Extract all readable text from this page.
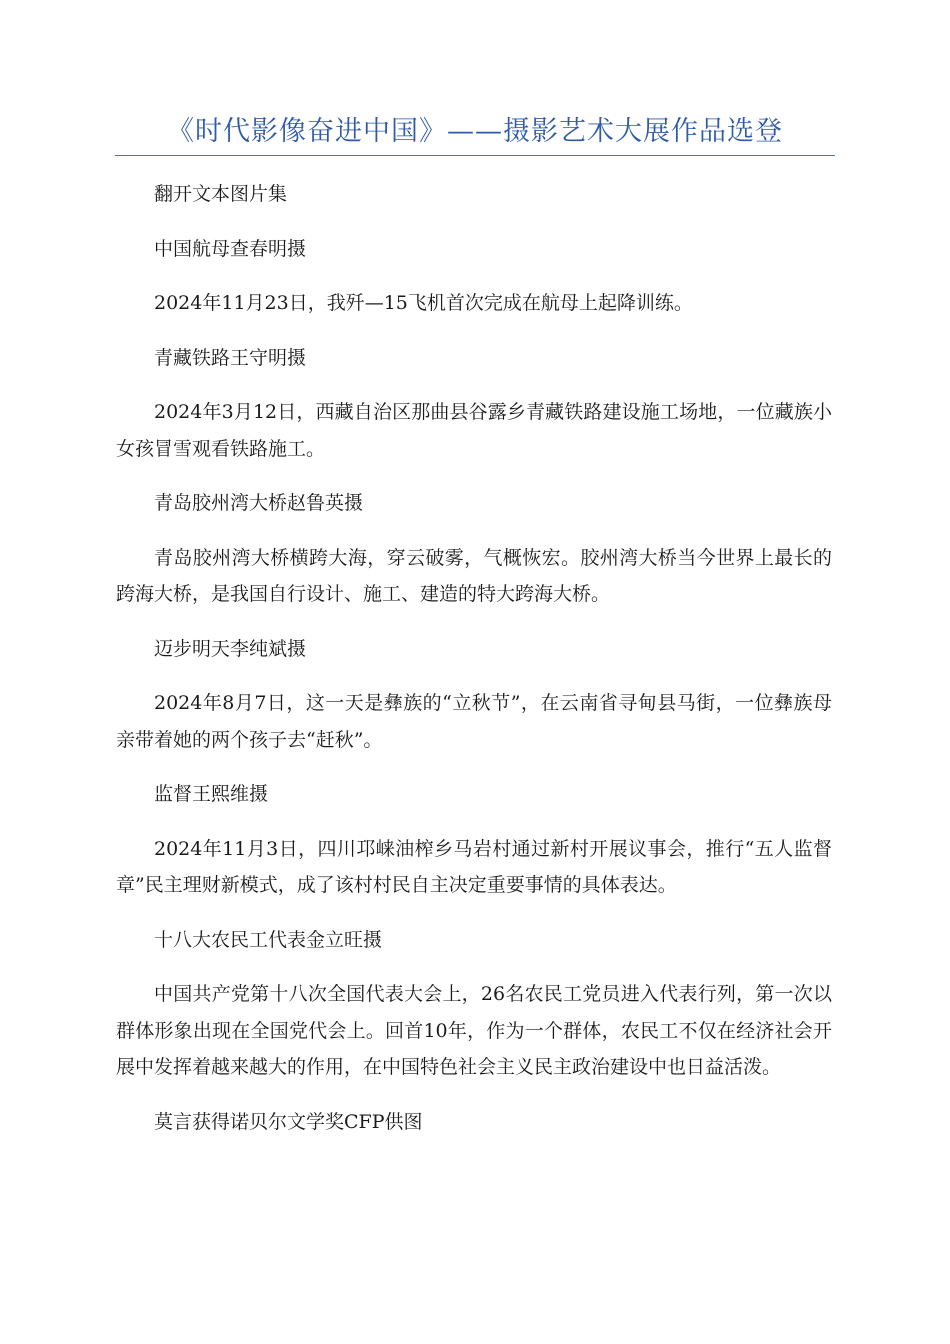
《时代影像奋进中国》——摄影艺术大展作品选登

翻开文本图片集

中国航母查春明摄

2024年11月23日，我歼—15飞机首次完成在航母上起降训练。

青藏铁路王守明摄

2024年3月12日，西藏自治区那曲县谷露乡青藏铁路建设施工场地，一位藏族小女孩冒雪观看铁路施工。

青岛胶州湾大桥赵鲁英摄

青岛胶州湾大桥横跨大海，穿云破雾，气概恢宏。胶州湾大桥当今世界上最长的跨海大桥，是我国自行设计、施工、建造的特大跨海大桥。

迈步明天李纯斌摄

2024年8月7日，这一天是彝族的“立秋节”，在云南省寻甸县马街，一位彝族母亲带着她的两个孩子去“赶秋”。

监督王熙维摄

2024年11月3日，四川邛崃油榨乡马岩村通过新村开展议事会，推行“五人监督章”民主理财新模式，成了该村村民自主决定重要事情的具体表达。

十八大农民工代表金立旺摄

中国共产党第十八次全国代表大会上，26名农民工党员进入代表行列，第一次以群体形象出现在全国党代会上。回首10年，作为一个群体，农民工不仅在经济社会开展中发挥着越来越大的作用，在中国特色社会主义民主政治建设中也日益活泼。

莫言获得诺贝尔文学奖CFP供图
